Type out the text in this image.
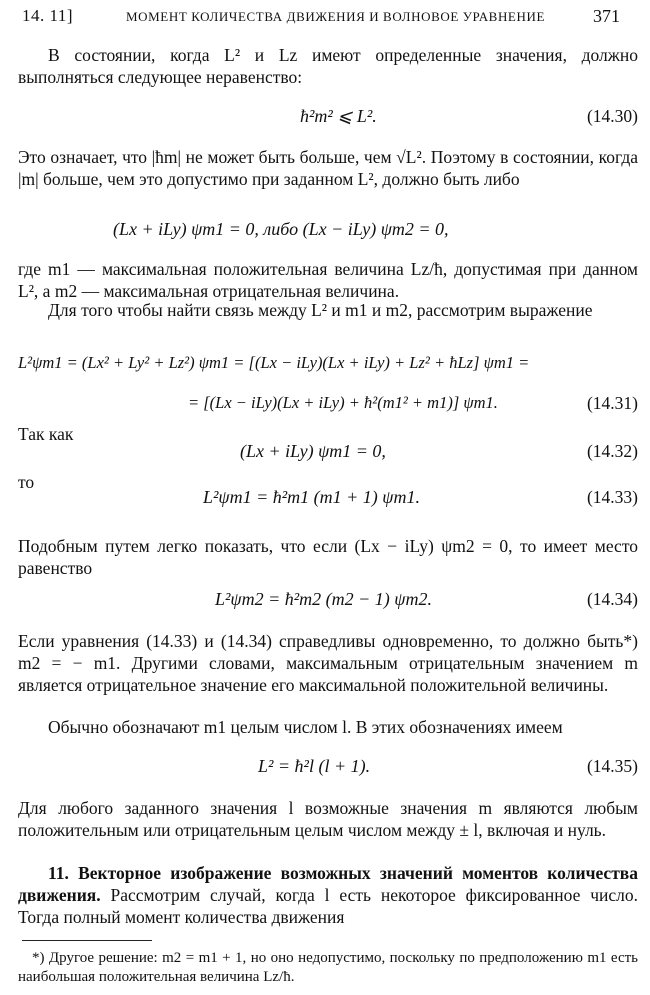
14. 11]	МОМЕНТ КОЛИЧЕСТВА ДВИЖЕНИЯ И ВОЛНОВОЕ УРАВНЕНИЕ	371

В состоянии, когда L² и Lz имеют определенные значения, должно выполняться следующее неравенство:

ħ²m² ⩽ L².	(14.30)

Это означает, что |ħm| не может быть больше, чем √L². Поэтому в состоянии, когда |m| больше, чем это допустимо при заданном L², должно быть либо

(Lx + iLy) ψm1 = 0, либо (Lx − iLy) ψm2 = 0,

где m1 — максимальная положительная величина Lz/ħ, допустимая при данном L², а m2 — максимальная отрицательная величина.

Для того чтобы найти связь между L² и m1 и m2, рассмотрим выражение

L²ψm1 = (Lx² + Ly² + Lz²) ψm1 = [(Lx − iLy)(Lx + iLy) + Lz² + ħLz] ψm1 =
= [(Lx − iLy)(Lx + iLy) + ħ²(m1² + m1)] ψm1.	(14.31)

Так как

(Lx + iLy) ψm1 = 0,	(14.32)

то

L²ψm1 = ħ²m1 (m1 + 1) ψm1.	(14.33)

Подобным путем легко показать, что если (Lx − iLy) ψm2 = 0, то имеет место равенство

L²ψm2 = ħ²m2 (m2 − 1) ψm2.	(14.34)

Если уравнения (14.33) и (14.34) справедливы одновременно, то должно быть*) m2 = − m1. Другими словами, максимальным отрицательным значением m является отрицательное значение его максимальной положительной величины.

Обычно обозначают m1 целым числом l. В этих обозначениях имеем

L² = ħ²l (l + 1).	(14.35)

Для любого заданного значения l возможные значения m являются любым положительным или отрицательным целым числом между ± l, включая и нуль.

11. Векторное изображение возможных значений моментов количества движения. Рассмотрим случай, когда l есть некоторое фиксированное число. Тогда полный момент количества движения

*) Другое решение: m2 = m1 + 1, но оно недопустимо, поскольку по предположению m1 есть наибольшая положительная величина Lz/ħ.
